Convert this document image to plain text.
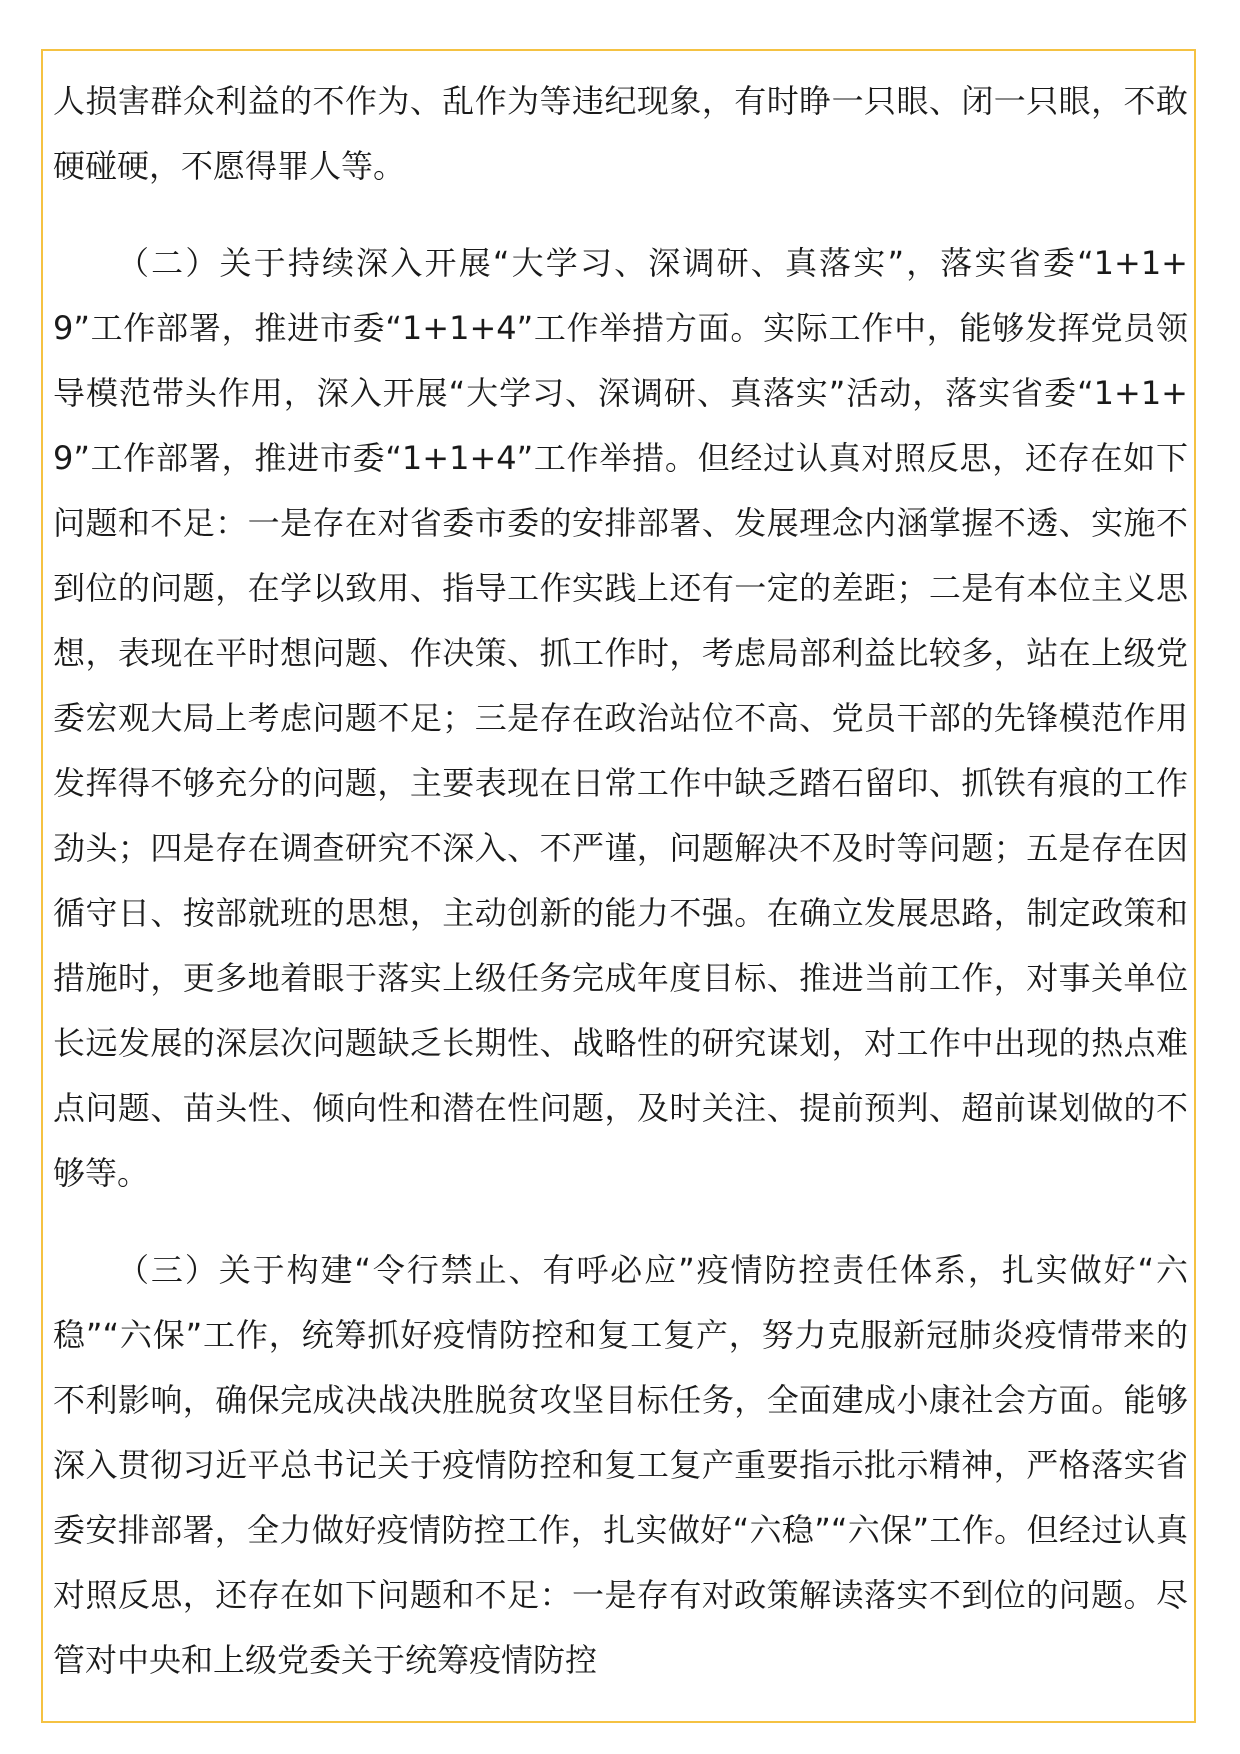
人损害群众利益的不作为、乱作为等违纪现象，有时睁一只眼、闭一只眼，不敢硬碰硬，不愿得罪人等。

（二）关于持续深入开展“大学习、深调研、真落实”，落实省委“1+1+9”工作部署，推进市委“1+1+4”工作举措方面。实际工作中，能够发挥党员领导模范带头作用，深入开展“大学习、深调研、真落实”活动，落实省委“1+1+9”工作部署，推进市委“1+1+4”工作举措。但经过认真对照反思，还存在如下问题和不足：一是存在对省委市委的安排部署、发展理念内涵掌握不透、实施不到位的问题，在学以致用、指导工作实践上还有一定的差距；二是有本位主义思想，表现在平时想问题、作决策、抓工作时，考虑局部利益比较多，站在上级党委宏观大局上考虑问题不足；三是存在政治站位不高、党员干部的先锋模范作用发挥得不够充分的问题，主要表现在日常工作中缺乏踏石留印、抓铁有痕的工作劲头；四是存在调查研究不深入、不严谨，问题解决不及时等问题；五是存在因循守日、按部就班的思想，主动创新的能力不强。在确立发展思路，制定政策和措施时，更多地着眼于落实上级任务完成年度目标、推进当前工作，对事关单位长远发展的深层次问题缺乏长期性、战略性的研究谋划，对工作中出现的热点难点问题、苗头性、倾向性和潜在性问题，及时关注、提前预判、超前谋划做的不够等。

（三）关于构建“令行禁止、有呼必应”疫情防控责任体系，扎实做好“六稳”“六保”工作，统筹抓好疫情防控和复工复产，努力克服新冠肺炎疫情带来的不利影响，确保完成决战决胜脱贫攻坚目标任务，全面建成小康社会方面。能够深入贯彻习近平总书记关于疫情防控和复工复产重要指示批示精神，严格落实省委安排部署，全力做好疫情防控工作，扎实做好“六稳”“六保”工作。但经过认真对照反思，还存在如下问题和不足：一是存有对政策解读落实不到位的问题。尽管对中央和上级党委关于统筹疫情防控
